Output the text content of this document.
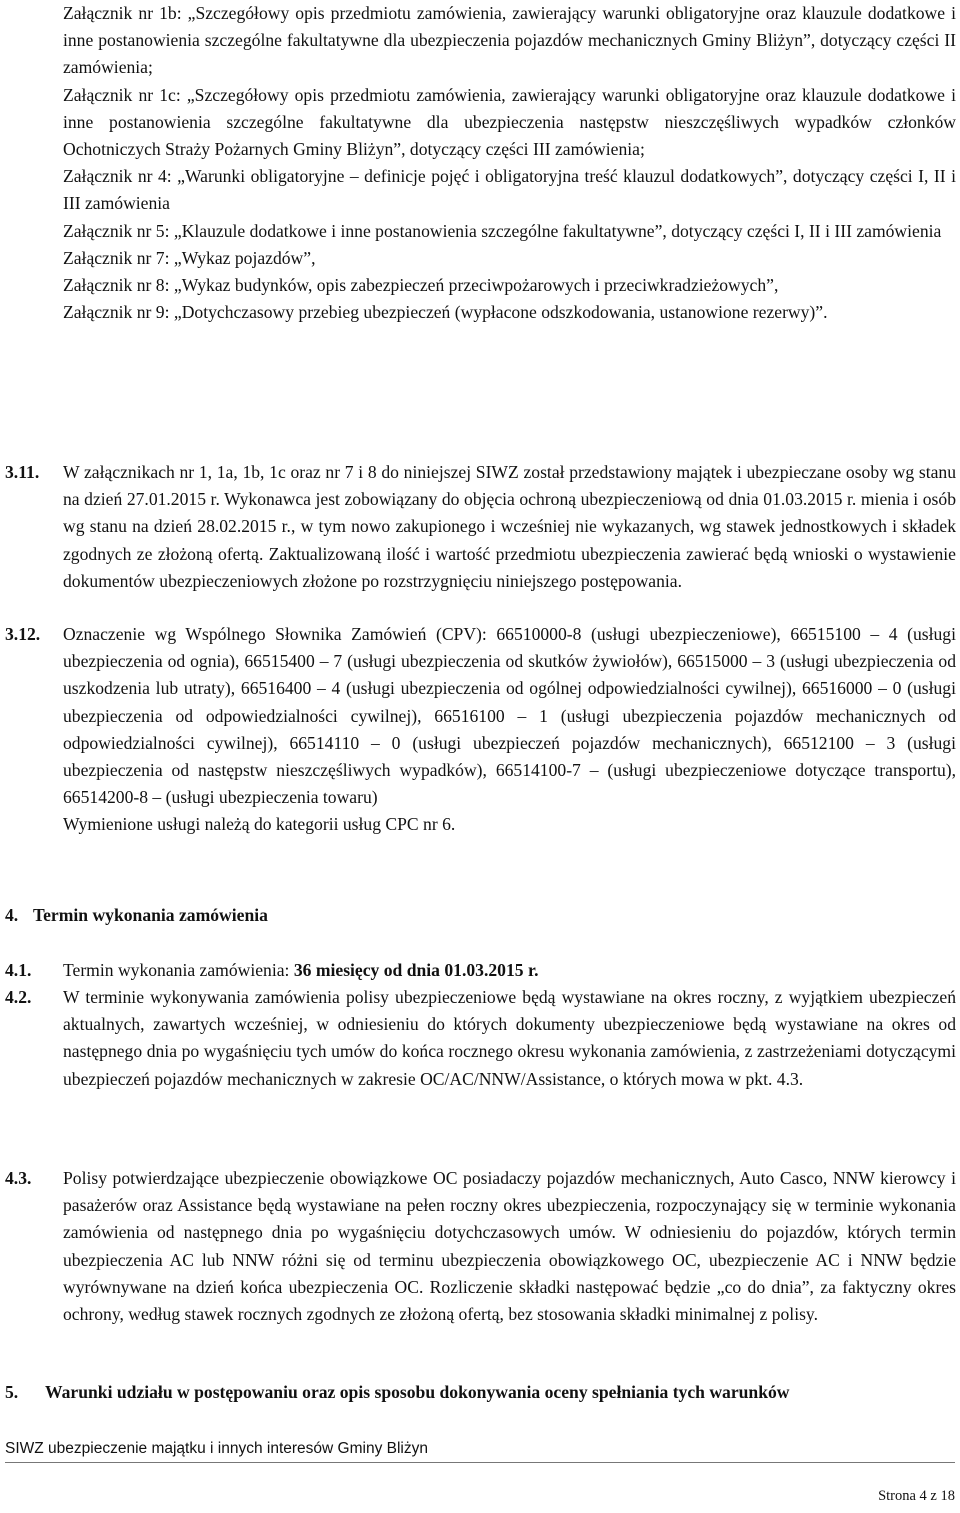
Załącznik nr 1b: „Szczegółowy opis przedmiotu zamówienia, zawierający warunki obligatoryjne oraz klauzule dodatkowe i inne postanowienia szczególne fakultatywne dla ubezpieczenia pojazdów mechanicznych Gminy Bliżyn”, dotyczący części II zamówienia;

Załącznik nr 1c: „Szczegółowy opis przedmiotu zamówienia, zawierający warunki obligatoryjne oraz klauzule dodatkowe i inne postanowienia szczególne fakultatywne dla ubezpieczenia następstw nieszczęśliwych wypadków członków Ochotniczych Straży Pożarnych Gminy Bliżyn”, dotyczący części III zamówienia;

Załącznik nr 4: „Warunki obligatoryjne – definicje pojęć i obligatoryjna treść klauzul dodatkowych”, dotyczący części I, II i III zamówienia

Załącznik nr 5: „Klauzule dodatkowe i inne postanowienia szczególne fakultatywne”, dotyczący części I, II i III zamówienia

Załącznik nr 7: „Wykaz pojazdów”,

Załącznik nr 8: „Wykaz budynków, opis zabezpieczeń przeciwpożarowych i przeciwkradzieżowych”,

Załącznik nr 9: „Dotychczasowy przebieg ubezpieczeń (wypłacone odszkodowania, ustanowione rezerwy)”.

3.11. W załącznikach nr 1, 1a, 1b, 1c oraz nr 7 i 8 do niniejszej SIWZ został przedstawiony majątek i ubezpieczane osoby wg stanu na dzień 27.01.2015 r. Wykonawca jest zobowiązany do objęcia ochroną ubezpieczeniową od dnia 01.03.2015 r. mienia i osób wg stanu na dzień 28.02.2015 r., w tym nowo zakupionego i wcześniej nie wykazanych, wg stawek jednostkowych i składek zgodnych ze złożoną ofertą. Zaktualizowaną ilość i wartość przedmiotu ubezpieczenia zawierać będą wnioski o wystawienie dokumentów ubezpieczeniowych złożone po rozstrzygnięciu niniejszego postępowania.

3.12. Oznaczenie wg Wspólnego Słownika Zamówień (CPV): 66510000-8 (usługi ubezpieczeniowe), 66515100 – 4 (usługi ubezpieczenia od ognia), 66515400 – 7 (usługi ubezpieczenia od skutków żywiołów), 66515000 – 3 (usługi ubezpieczenia od uszkodzenia lub utraty), 66516400 – 4 (usługi ubezpieczenia od ogólnej odpowiedzialności cywilnej), 66516000 – 0 (usługi ubezpieczenia od odpowiedzialności cywilnej), 66516100 – 1 (usługi ubezpieczenia pojazdów mechanicznych od odpowiedzialności cywilnej), 66514110 – 0 (usługi ubezpieczeń pojazdów mechanicznych), 66512100 – 3 (usługi ubezpieczenia od następstw nieszczęśliwych wypadków), 66514100-7 – (usługi ubezpieczeniowe dotyczące transportu), 66514200-8 – (usługi ubezpieczenia towaru)

Wymienione usługi należą do kategorii usług CPC nr 6.

4. Termin wykonania zamówienia
4.1. Termin wykonania zamówienia: 36 miesięcy od dnia 01.03.2015 r.

4.2. W terminie wykonywania zamówienia polisy ubezpieczeniowe będą wystawiane na okres roczny, z wyjątkiem ubezpieczeń aktualnych, zawartych wcześniej, w odniesieniu do których dokumenty ubezpieczeniowe będą wystawiane na okres od następnego dnia po wygaśnięciu tych umów do końca rocznego okresu wykonania zamówienia, z zastrzeżeniami dotyczącymi ubezpieczeń pojazdów mechanicznych w zakresie OC/AC/NNW/Assistance, o których mowa w pkt. 4.3.

4.3. Polisy potwierdzające ubezpieczenie obowiązkowe OC posiadaczy pojazdów mechanicznych, Auto Casco, NNW kierowcy i pasażerów oraz Assistance będą wystawiane na pełen roczny okres ubezpieczenia, rozpoczynający się w terminie wykonania zamówienia od następnego dnia po wygaśnięciu dotychczasowych umów. W odniesieniu do pojazdów, których termin ubezpieczenia AC lub NNW różni się od terminu ubezpieczenia obowiązkowego OC, ubezpieczenie AC i NNW będzie wyrównywane na dzień końca ubezpieczenia OC. Rozliczenie składki następować będzie „co do dnia”, za faktyczny okres ochrony, według stawek rocznych zgodnych ze złożoną ofertą, bez stosowania składki minimalnej z polisy.

5.	Warunki udziału w postępowaniu oraz opis sposobu dokonywania oceny spełniania tych warunków
SIWZ ubezpieczenie majątku i innych interesów Gminy Bliżyn
Strona 4 z 18
